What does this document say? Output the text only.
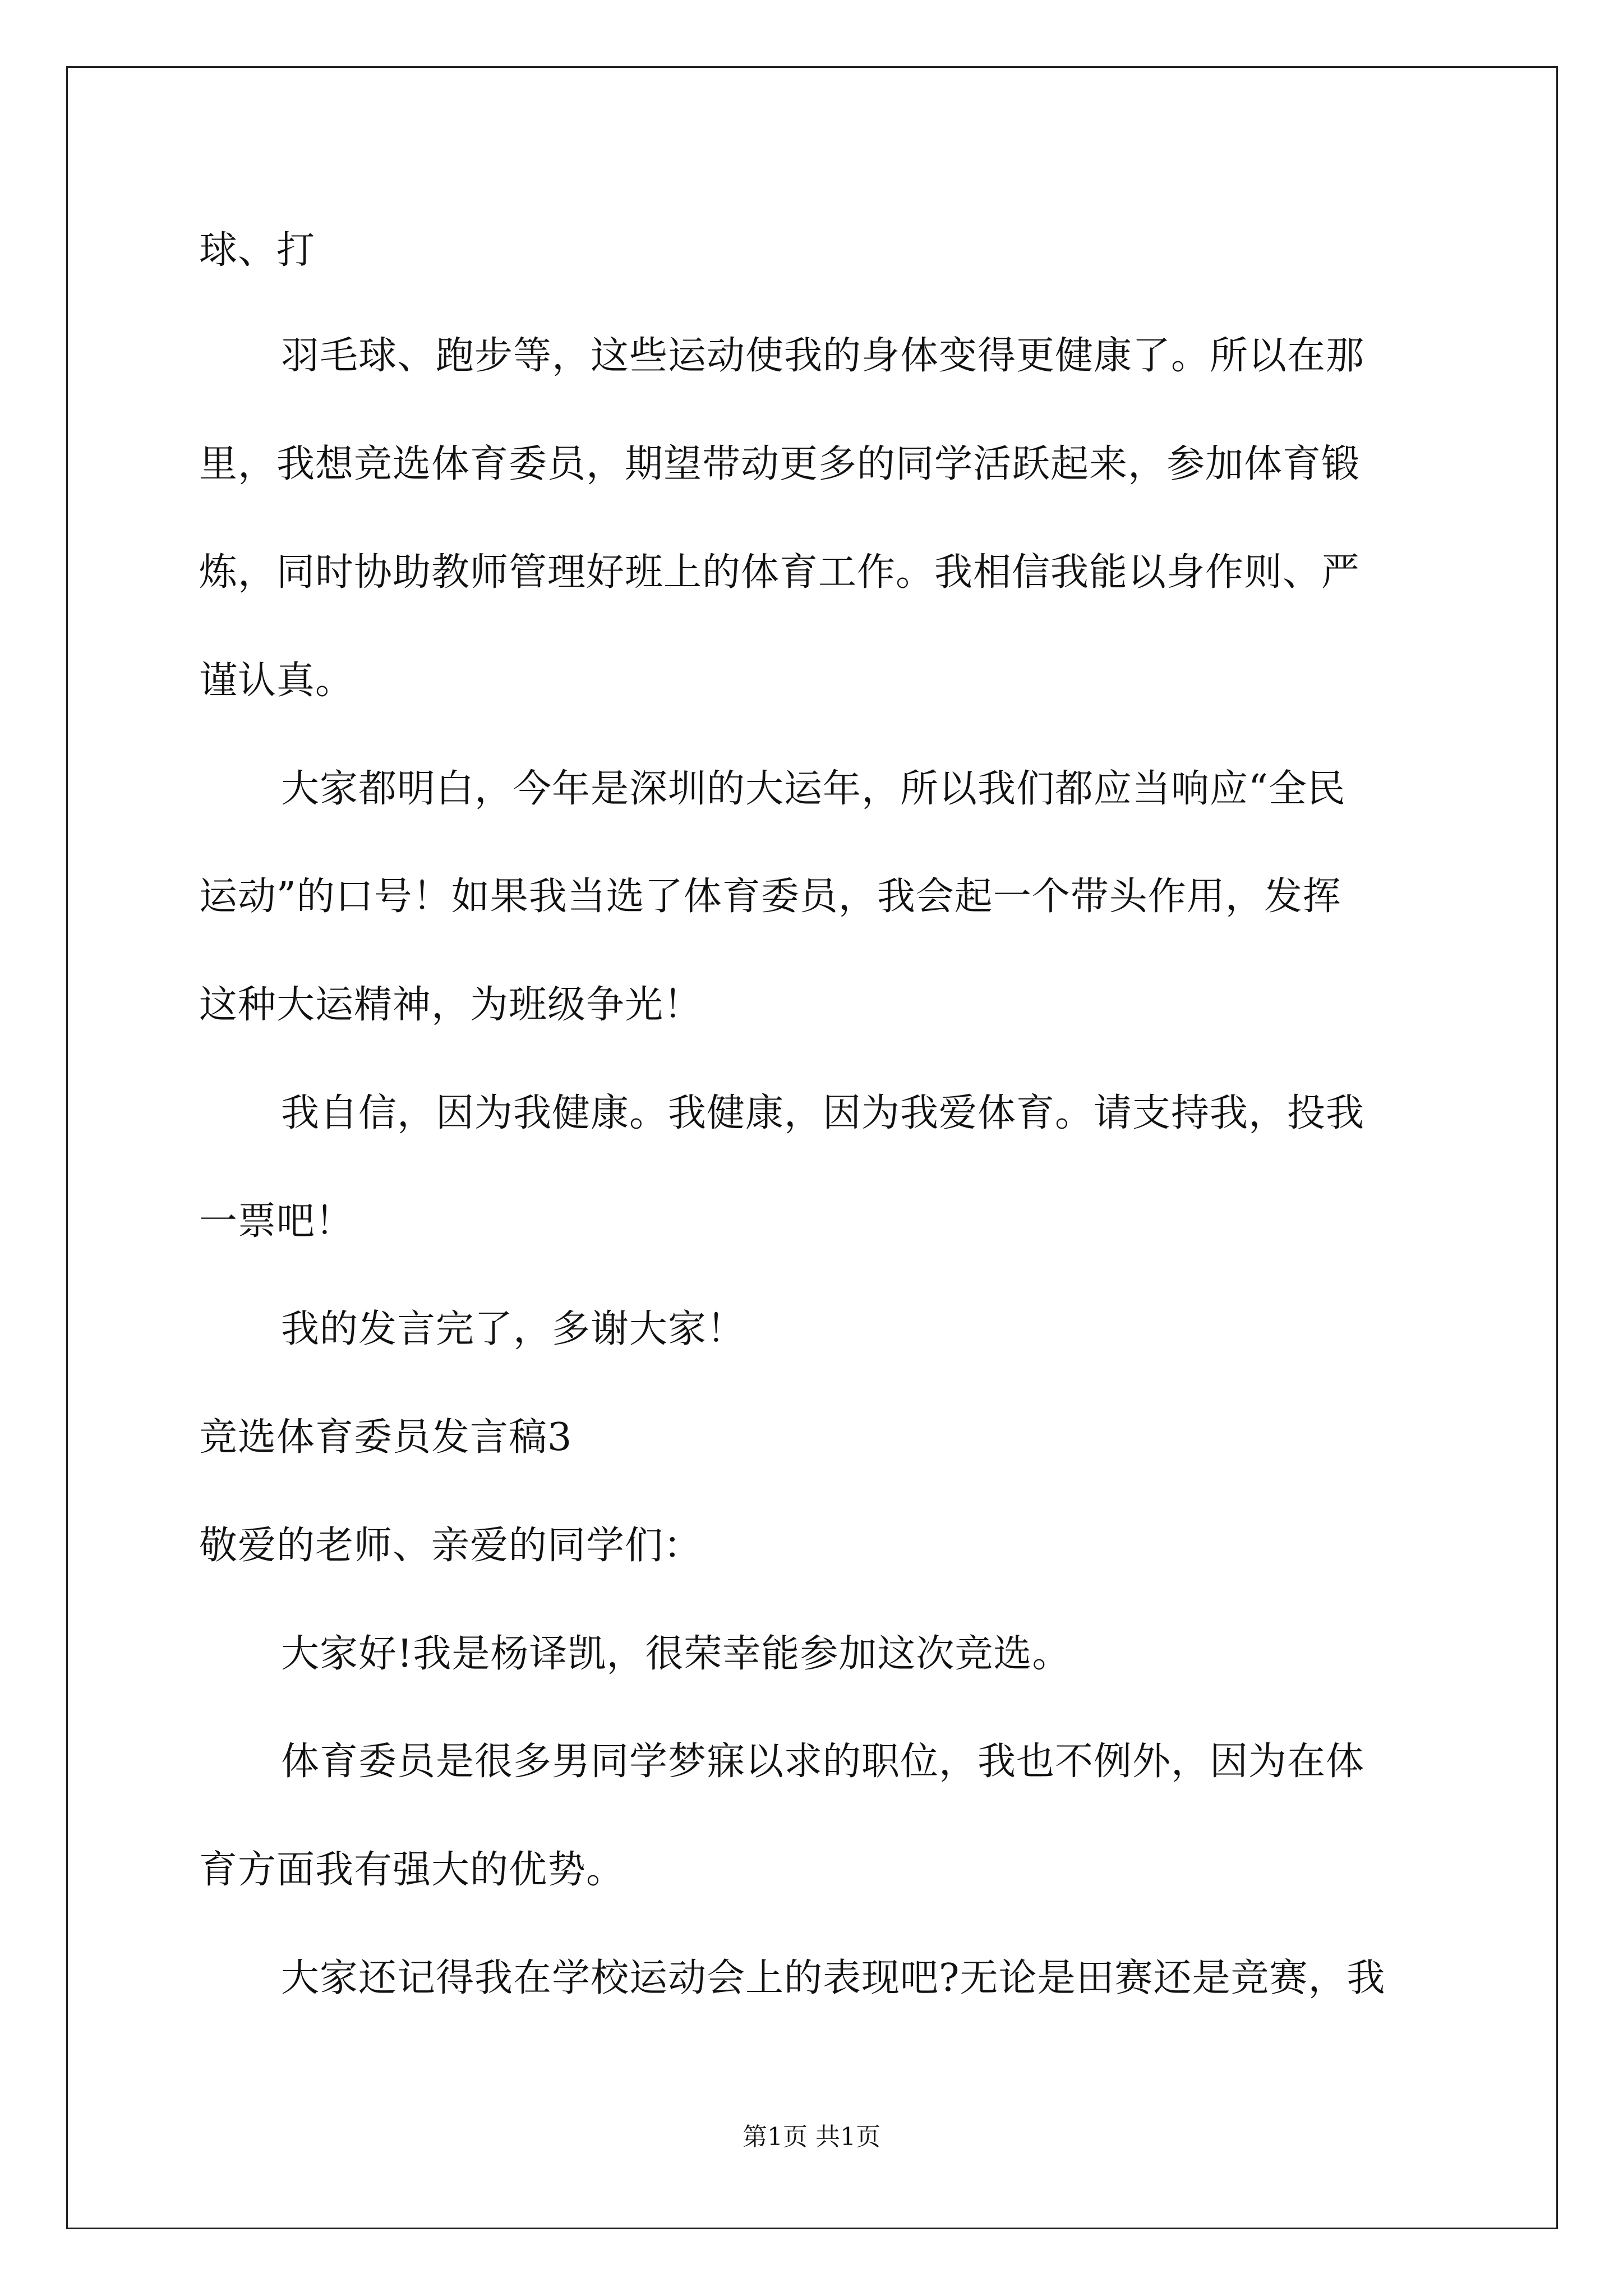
球、打

羽毛球、跑步等，这些运动使我的身体变得更健康了。所以在那

里，我想竞选体育委员，期望带动更多的同学活跃起来，参加体育锻

炼，同时协助教师管理好班上的体育工作。我相信我能以身作则、严

谨认真。

大家都明白，今年是深圳的大运年，所以我们都应当响应“全民

运动”的口号！如果我当选了体育委员，我会起一个带头作用，发挥

这种大运精神，为班级争光！

我自信，因为我健康。我健康，因为我爱体育。请支持我，投我

一票吧！

我的发言完了，多谢大家！

竞选体育委员发言稿3

敬爱的老师、亲爱的同学们：

大家好!我是杨译凯，很荣幸能参加这次竞选。

体育委员是很多男同学梦寐以求的职位，我也不例外，因为在体

育方面我有强大的优势。

大家还记得我在学校运动会上的表现吧?无论是田赛还是竞赛，我

第1页 共1页
